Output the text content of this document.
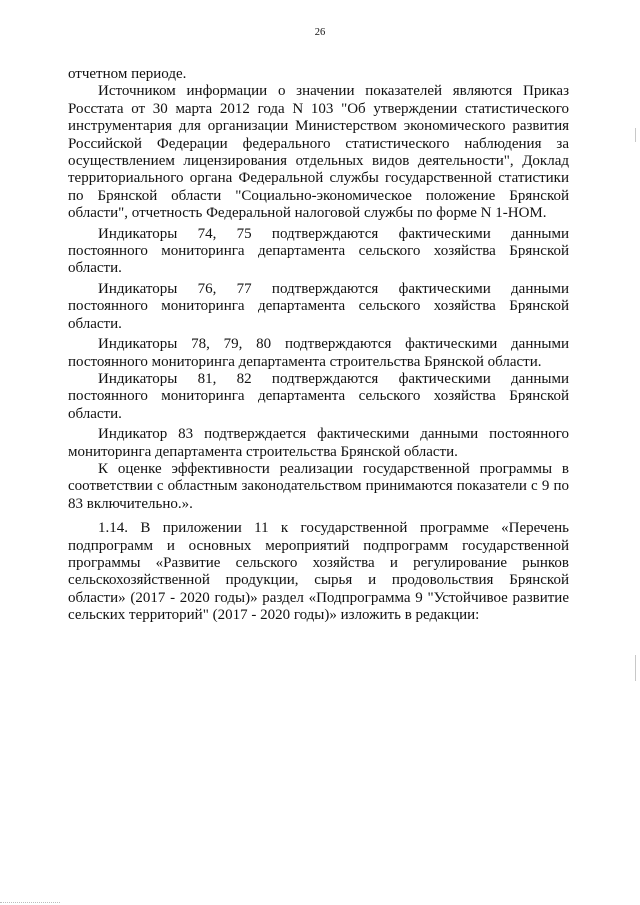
26

отчетном периоде.

Источником информации о значении показателей являются Приказ Росстата от 30 марта 2012 года N 103 "Об утверждении статистического инструментария для организации Министерством экономического развития Российской Федерации федерального статистического наблюдения за осуществлением лицензирования отдельных видов деятельности", Доклад территориального органа Федеральной службы государственной статистики по Брянской области "Социально-экономическое положение Брянской области", отчетность Федеральной налоговой службы по форме N 1-НОМ.

Индикаторы 74, 75 подтверждаются фактическими данными постоянного мониторинга департамента сельского хозяйства Брянской области.

Индикаторы 76, 77 подтверждаются фактическими данными постоянного мониторинга департамента сельского хозяйства Брянской области.

Индикаторы 78, 79, 80 подтверждаются фактическими данными постоянного мониторинга департамента строительства Брянской области.

Индикаторы 81, 82 подтверждаются фактическими данными постоянного мониторинга департамента сельского хозяйства Брянской области.

Индикатор 83 подтверждается фактическими данными постоянного мониторинга департамента строительства Брянской области.

К оценке эффективности реализации государственной программы в соответствии с областным законодательством принимаются показатели с 9 по 83 включительно.».

1.14. В приложении 11 к государственной программе «Перечень подпрограмм и основных мероприятий подпрограмм государственной программы «Развитие сельского хозяйства и регулирование рынков сельскохозяйственной продукции, сырья и продовольствия Брянской области» (2017 - 2020 годы)» раздел «Подпрограмма 9 "Устойчивое развитие сельских территорий" (2017 - 2020 годы)» изложить в редакции:
